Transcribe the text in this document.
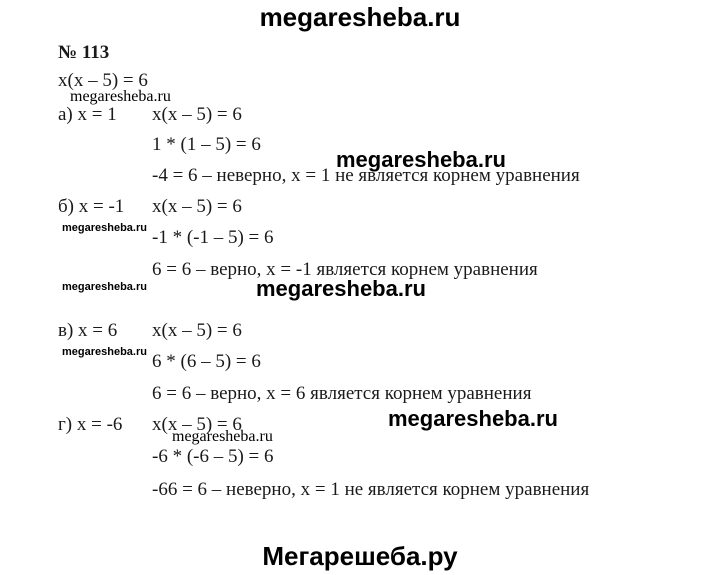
megaresheba.ru
№ 113
x(x – 5) = 6
megaresheba.ru
а) x = 1 x(x – 5) = 6
1 * (1 – 5) = 6
megaresheba.ru
-4 = 6 – неверно, x = 1 не является корнем уравнения
б) x = -1 x(x – 5) = 6
megaresheba.ru -1 * (-1 – 5) = 6
6 = 6 – верно, x = -1 является корнем уравнения
megaresheba.ru	megaresheba.ru
в) x = 6 x(x – 5) = 6
megaresheba.ru 6 * (6 – 5) = 6
6 = 6 – верно, x = 6 является корнем уравнения
megaresheba.ru
г) x = -6 x(x – 5) = 6
megaresheba.ru
-6 * (-6 – 5) = 6
-66 = 6 – неверно, x = 1 не является корнем уравнения
Мегарешеба.ру
